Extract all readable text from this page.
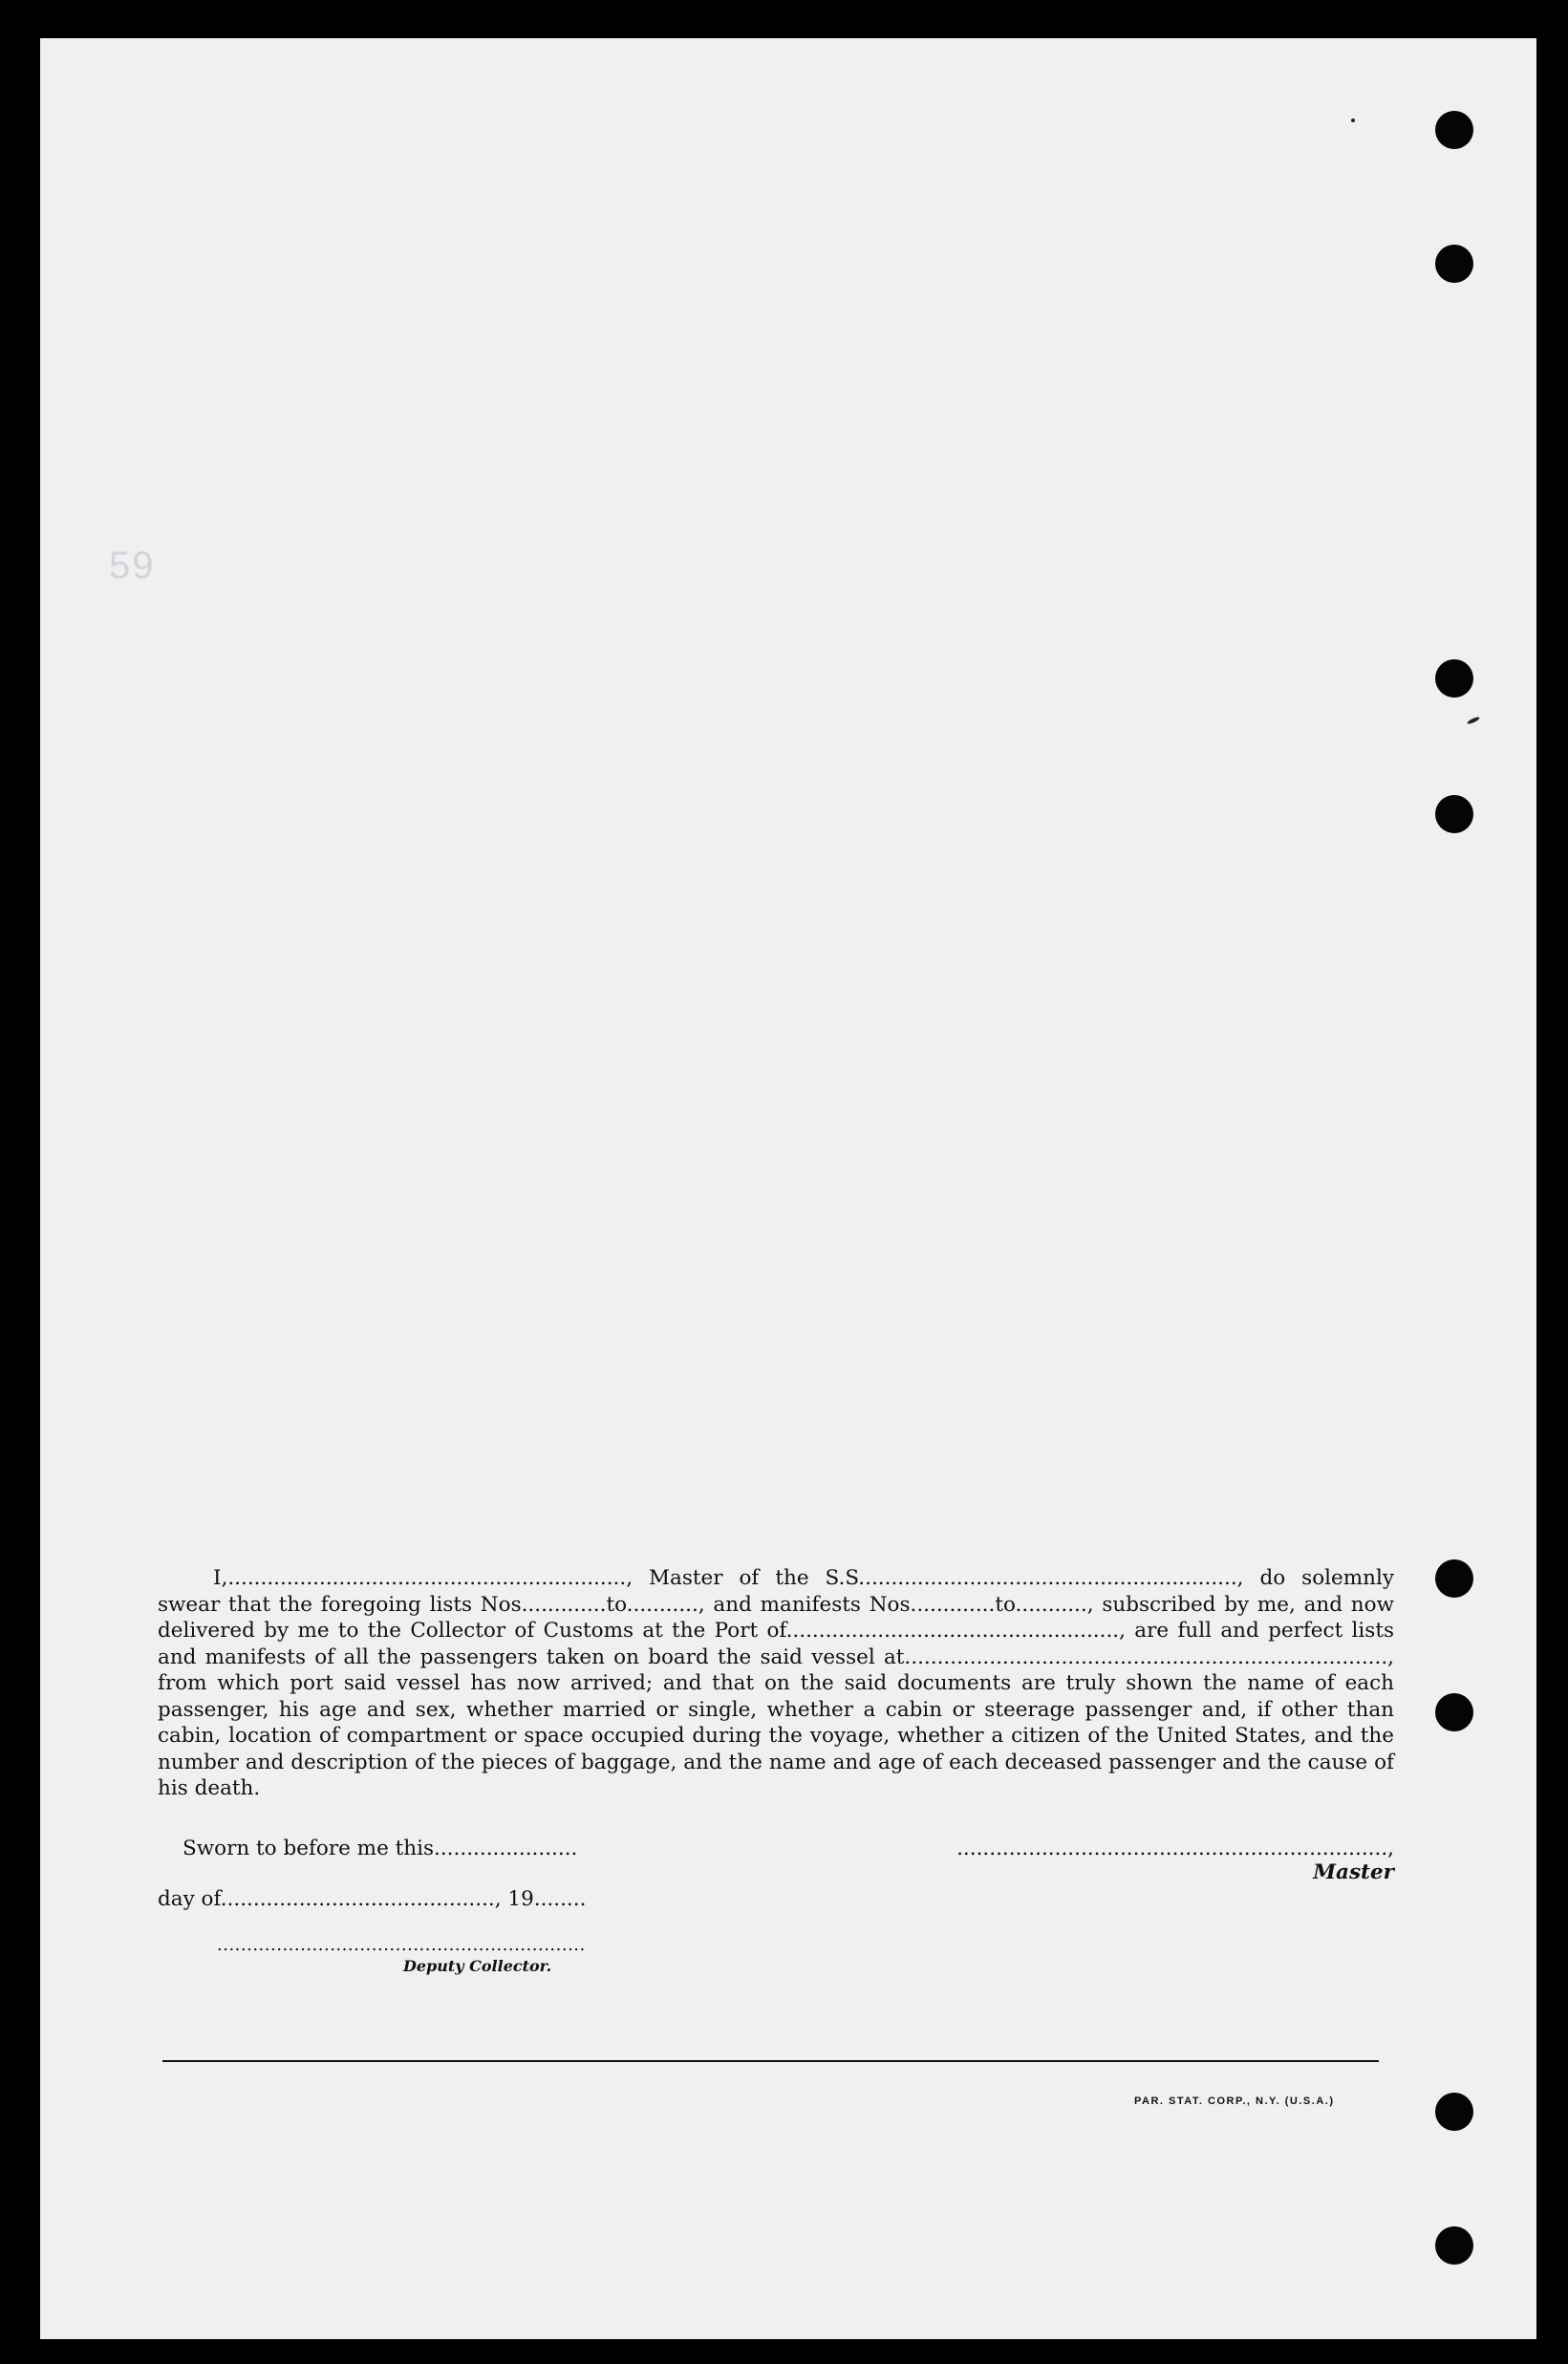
59

I,............................................................., Master of the S.S.........................................................., do solemnly swear that the foregoing lists Nos.............to..........., and manifests Nos.............to..........., subscribed by me, and now delivered by me to the Collector of Customs at the Port of..................................................., are full and perfect lists and manifests of all the passengers taken on board the said vessel at.........................................................................., from which port said vessel has now arrived; and that on the said documents are truly shown the name of each passenger, his age and sex, whether married or single, whether a cabin or steerage passenger and, if other than cabin, location of compartment or space occupied during the voyage, whether a citizen of the United States, and the number and description of the pieces of baggage, and the name and age of each deceased passenger and the cause of his death.

Sworn to before me this......................	.................................................................., Master
day of.........................................., 19........
..............................................................
Deputy Collector.
PAR. STAT. CORP., N.Y. (U.S.A.)
